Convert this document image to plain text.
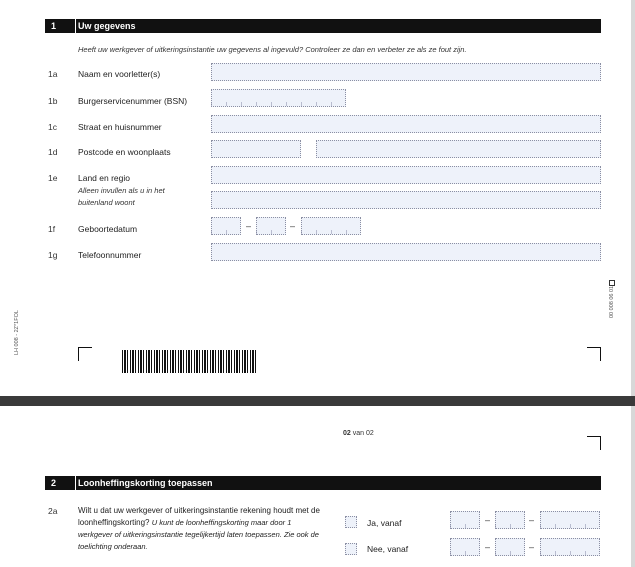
1 Uw gegevens
Heeft uw werkgever of uitkeringsinstantie uw gegevens al ingevuld? Controleer ze dan en verbeter ze als ze fout zijn.
1a Naam en voorletter(s)
1b Burgerservicenummer (BSN)
1c Straat en huisnummer
1d Postcode en woonplaats
1e Land en regio
Alleen invullen als u in het buitenland woont
1f	Geboortedatum	–	–
1g Telefoonnummer
LH 008 - 2Z*1FOL
00 008 06 01
02 van 02
2 Loonheffingskorting toepassen
2a	Wilt u dat uw werkgever of uitkeringsinstantie rekening houdt met de loonheffingskorting? U kunt de loonheffingskorting maar door 1 werkgever of uitkeringsinstantie tegelijkertijd laten toepassen. Zie ook de toelichting onderaan.
Ja, vanaf	–	–
Nee, vanaf	–	–
